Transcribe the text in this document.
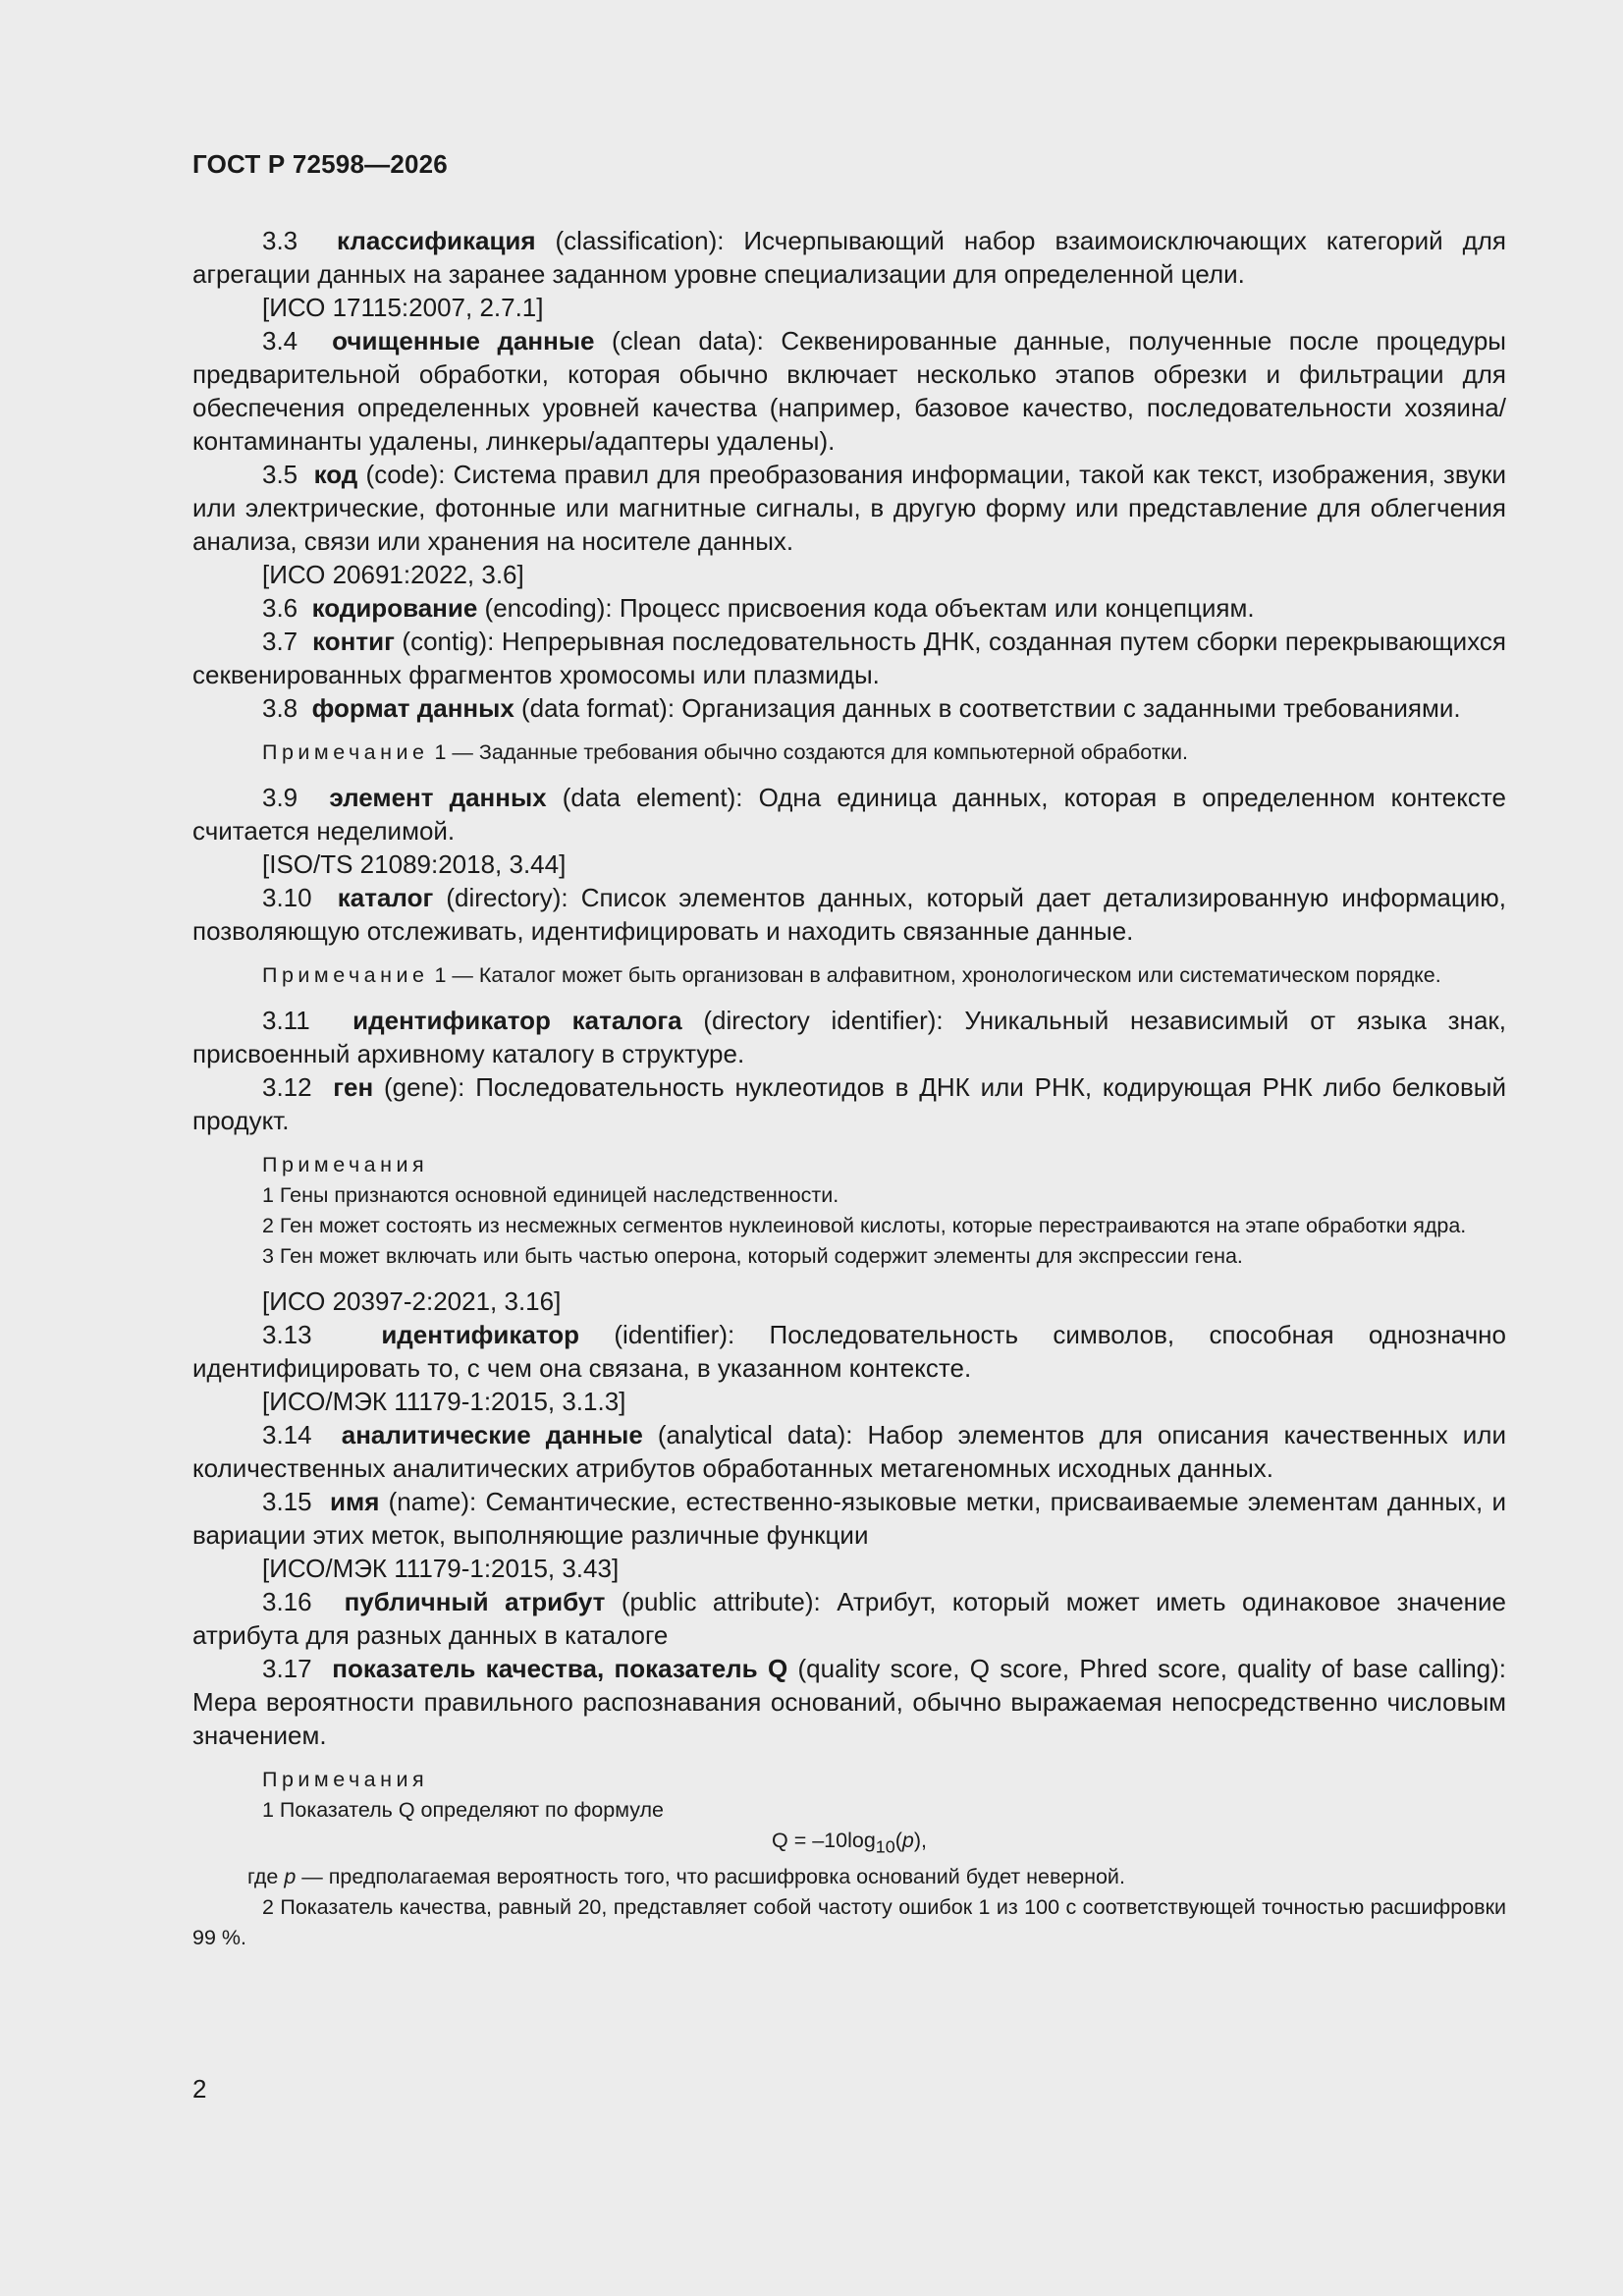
ГОСТ Р 72598—2026

3.3 классификация (classification): Исчерпывающий набор взаимоисключающих категорий для агрегации данных на заранее заданном уровне специализации для определенной цели.

[ИСО 17115:2007, 2.7.1]

3.4 очищенные данные (clean data): Секвенированные данные, полученные после процедуры предварительной обработки, которая обычно включает несколько этапов обрезки и фильтрации для обеспечения определенных уровней качества (например, базовое качество, последовательности хозяина/контаминанты удалены, линкеры/адаптеры удалены).

3.5 код (code): Система правил для преобразования информации, такой как текст, изображения, звуки или электрические, фотонные или магнитные сигналы, в другую форму или представление для облегчения анализа, связи или хранения на носителе данных.

[ИСО 20691:2022, 3.6]

3.6 кодирование (encoding): Процесс присвоения кода объектам или концепциям.

3.7 контиг (contig): Непрерывная последовательность ДНК, созданная путем сборки перекрывающихся секвенированных фрагментов хромосомы или плазмиды.

3.8 формат данных (data format): Организация данных в соответствии с заданными требованиями.

Примечание 1 — Заданные требования обычно создаются для компьютерной обработки.

3.9 элемент данных (data element): Одна единица данных, которая в определенном контексте считается неделимой.

[ISO/TS 21089:2018, 3.44]

3.10 каталог (directory): Список элементов данных, который дает детализированную информацию, позволяющую отслеживать, идентифицировать и находить связанные данные.

Примечание 1 — Каталог может быть организован в алфавитном, хронологическом или систематическом порядке.

3.11 идентификатор каталога (directory identifier): Уникальный независимый от языка знак, присвоенный архивному каталогу в структуре.

3.12 ген (gene): Последовательность нуклеотидов в ДНК или РНК, кодирующая РНК либо белковый продукт.

Примечания

1 Гены признаются основной единицей наследственности.

2 Ген может состоять из несмежных сегментов нуклеиновой кислоты, которые перестраиваются на этапе обработки ядра.

3 Ген может включать или быть частью оперона, который содержит элементы для экспрессии гена.

[ИСО 20397-2:2021, 3.16]

3.13	идентификатор (identifier): Последовательность символов, способная однозначно идентифицировать то, с чем она связана, в указанном контексте.

[ИСО/МЭК 11179-1:2015, 3.1.3]

3.14 аналитические данные (analytical data): Набор элементов для описания качественных или количественных аналитических атрибутов обработанных метагеномных исходных данных.

3.15 имя (name): Семантические, естественно-языковые метки, присваиваемые элементам данных, и вариации этих меток, выполняющие различные функции

[ИСО/МЭК 11179-1:2015, 3.43]

3.16 публичный атрибут (public attribute): Атрибут, который может иметь одинаковое значение атрибута для разных данных в каталоге

3.17 показатель качества, показатель Q (quality score, Q score, Phred score, quality of base calling): Мера вероятности правильного распознавания оснований, обычно выражаемая непосредственно числовым значением.

Примечания

1 Показатель Q определяют по формуле

$Q = -10\log_{10}(p)$,

где p — предполагаемая вероятность того, что расшифровка оснований будет неверной.

2 Показатель качества, равный 20, представляет собой частоту ошибок 1 из 100 с соответствующей точностью расшифровки 99 %.

2
